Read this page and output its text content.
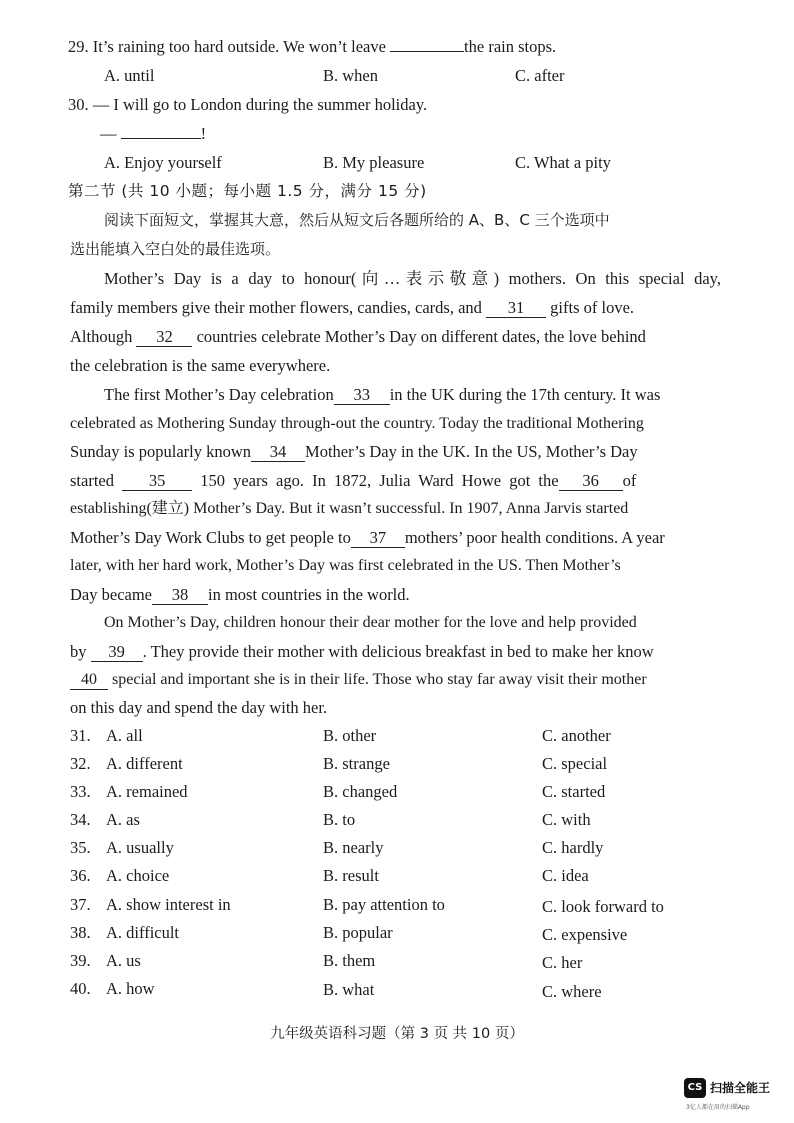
29. It’s raining too hard outside. We won’t leave	the rain stops.
A. until	B. when	C. after
30. — I will go to London during the summer holiday.
—	!
A. Enjoy yourself	B. My pleasure	C. What a pity
第二节 (共 10 小题；每小题 1.5 分，满分 15 分)
阅读下面短文，掌握其大意，然后从短文后各题所给的 A、B、C 三个选项中
选出能填入空白处的最佳选项。
Mother’s Day is a day to honour(向…表示敬意) mothers. On this special day,
family members give their mother flowers, candies, cards, and 31 gifts of love.
Although 32 countries celebrate Mother’s Day on different dates, the love behind
the celebration is the same everywhere.
The first Mother’s Day celebration 33 in the UK during the 17th century. It was
celebrated as Mothering Sunday through-out the country. Today the traditional Mothering
Sunday is popularly known 34 Mother’s Day in the UK. In the US, Mother’s Day
started 35 150 years ago. In 1872, Julia Ward Howe got the 36 of
establishing(建立) Mother’s Day. But it wasn’t successful. In 1907, Anna Jarvis started
Mother’s Day Work Clubs to get people to 37 mothers’ poor health conditions. A year
later, with her hard work, Mother’s Day was first celebrated in the US. Then Mother’s
Day became 38 in most countries in the world.
On Mother’s Day, children honour their dear mother for the love and help provided
by 39 . They provide their mother with delicious breakfast in bed to make her know
40 special and important she is in their life. Those who stay far away visit their mother
on this day and spend the day with her.
31. A. all	B. other	C. another
32. A. different	B. strange	C. special
33. A. remained	B. changed	C. started
34. A. as	B. to	C. with
35. A. usually	B. nearly	C. hardly
36. A. choice	B. result	C. idea
37. A. show interest in	B. pay attention to	C. look forward to
38. A. difficult	B. popular	C. expensive
39. A. us	B. them	C. her
40. A. how	B. what	C. where
九年级英语科习题（第 3 页 共 10 页）
CS 扫描全能王
3亿人都在用的扫描App
